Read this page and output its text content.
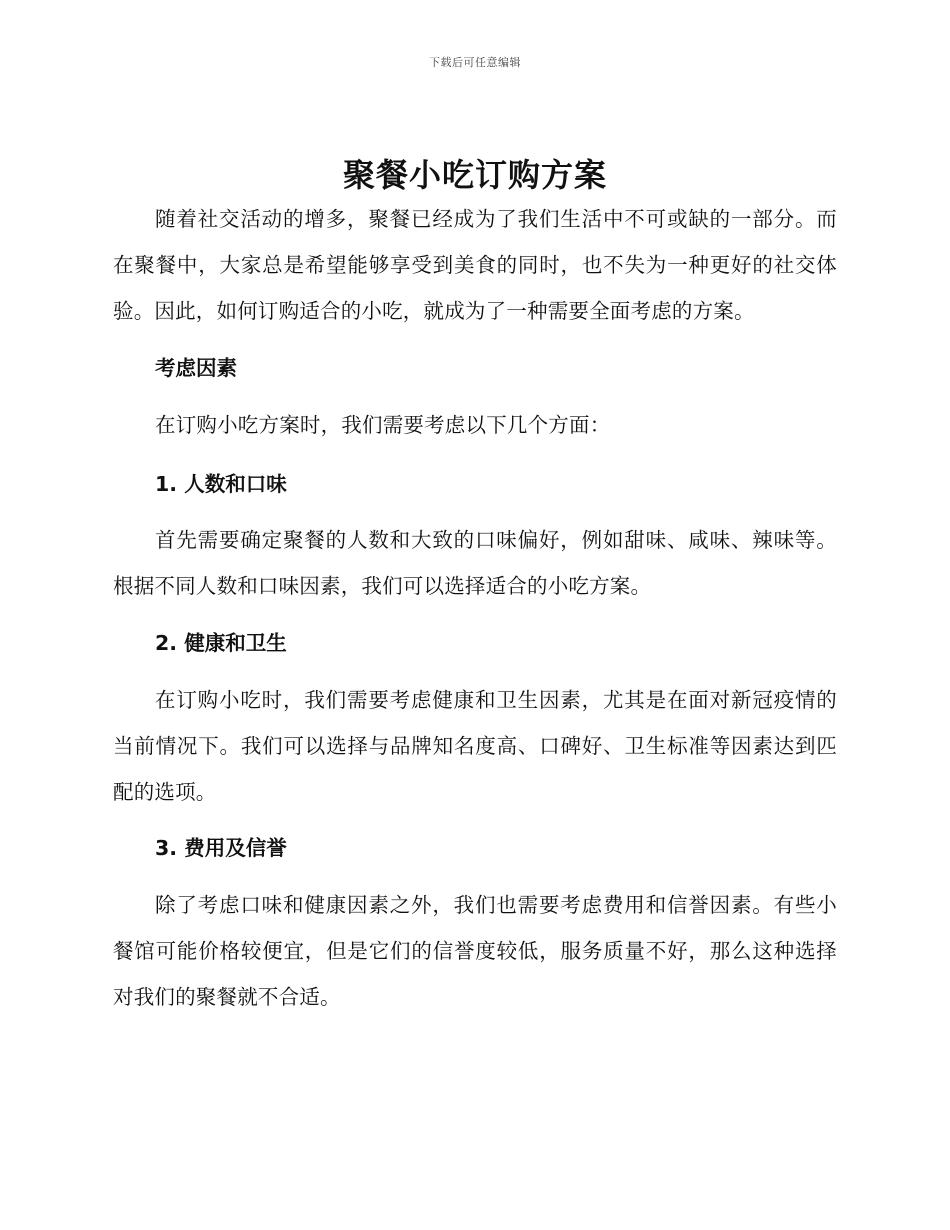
下载后可任意编辑
聚餐小吃订购方案

随着社交活动的增多，聚餐已经成为了我们生活中不可或缺的一部分。而在聚餐中，大家总是希望能够享受到美食的同时，也不失为一种更好的社交体验。因此，如何订购适合的小吃，就成为了一种需要全面考虑的方案。

考虑因素

在订购小吃方案时，我们需要考虑以下几个方面：

1. 人数和口味

首先需要确定聚餐的人数和大致的口味偏好，例如甜味、咸味、辣味等。根据不同人数和口味因素，我们可以选择适合的小吃方案。

2. 健康和卫生

在订购小吃时，我们需要考虑健康和卫生因素，尤其是在面对新冠疫情的当前情况下。我们可以选择与品牌知名度高、口碑好、卫生标准等因素达到匹配的选项。

3. 费用及信誉

除了考虑口味和健康因素之外，我们也需要考虑费用和信誉因素。有些小餐馆可能价格较便宜，但是它们的信誉度较低，服务质量不好，那么这种选择对我们的聚餐就不合适。
